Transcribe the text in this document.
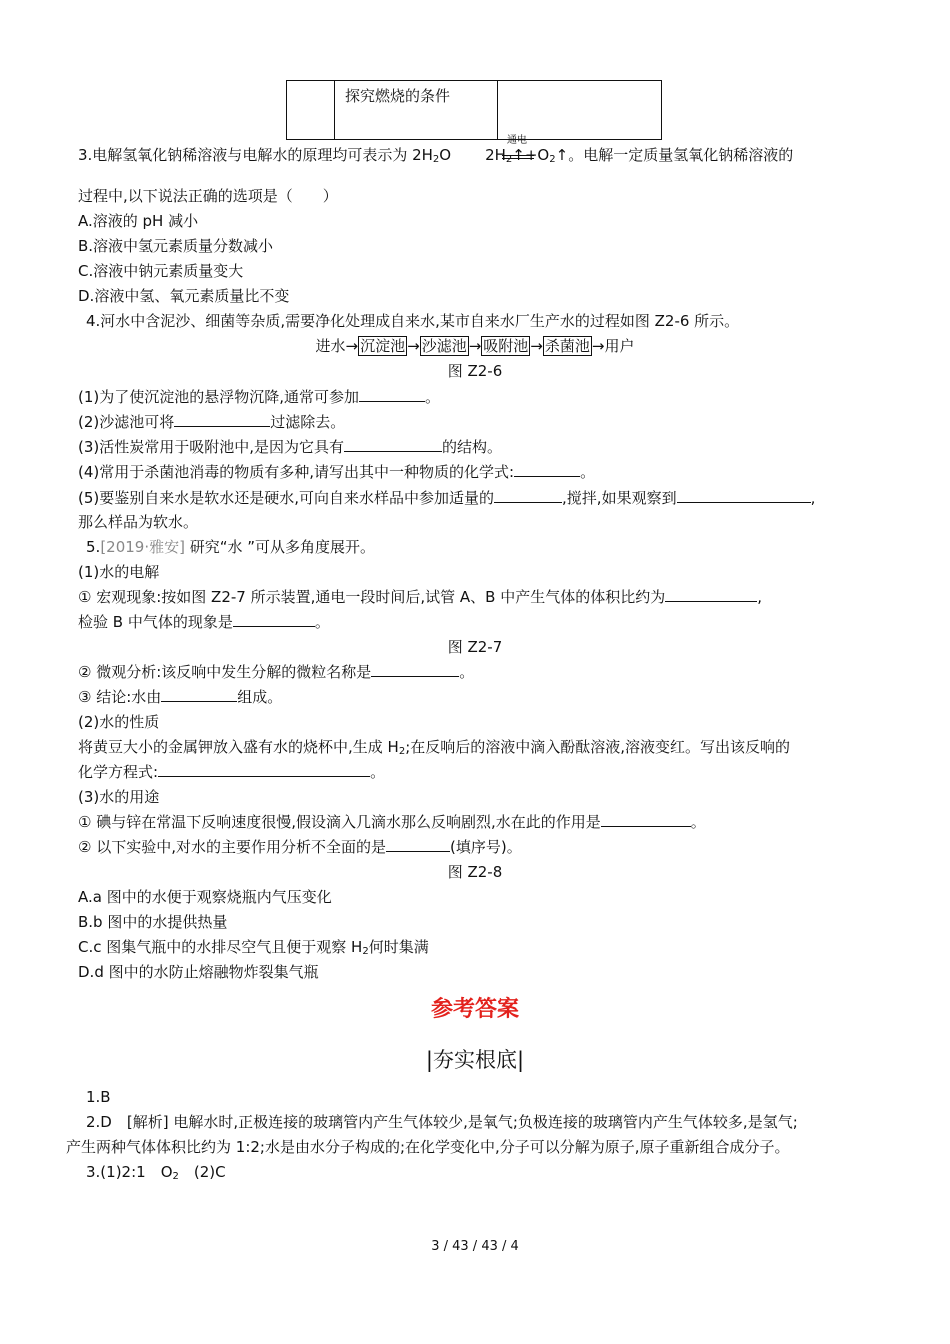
	探究燃烧的条件	
3.电解氢氧化钠稀溶液与电解水的原理均可表示为 $2H_2O$ $2H_2↑+O_2↑$。电解一定质量氢氧化钠稀溶液的
通电
过程中,以下说法正确的选项是（　　）
A.溶液的 pH 减小
B.溶液中氢元素质量分数减小
C.溶液中钠元素质量变大
D.溶液中氢、氧元素质量比不变
4.河水中含泥沙、细菌等杂质,需要净化处理成自来水,某市自来水厂生产水的过程如图 Z2-6 所示。
进水→ 沉淀池 → 沙滤池 → 吸附池 → 杀菌池 →用户
图 Z2-6
(1)为了使沉淀池的悬浮物沉降,通常可参加	。
(2)沙滤池可将	过滤除去。
(3)活性炭常用于吸附池中,是因为它具有	的结构。
(4)常用于杀菌池消毒的物质有多种,请写出其中一种物质的化学式:	。
(5)要鉴别自来水是软水还是硬水,可向自来水样品中参加适量的	,搅拌,如果观察到	,
那么样品为软水。
5.[2019·雅安] 研究“水 ”可从多角度展开。
(1)水的电解
① 宏观现象:按如图 Z2-7 所示装置,通电一段时间后,试管 A、B 中产生气体的体积比约为	,
检验 B 中气体的现象是	。
图 Z2-7
② 微观分析:该反响中发生分解的微粒名称是	。
③ 结论:水由	组成。
(2)水的性质
将黄豆大小的金属钾放入盛有水的烧杯中,生成 $H_2$;在反响后的溶液中滴入酚酞溶液,溶液变红。写出该反响的
化学方程式:	。
(3)水的用途
① 碘与锌在常温下反响速度很慢,假设滴入几滴水那么反响剧烈,水在此的作用是	。
② 以下实验中,对水的主要作用分析不全面的是	(填序号)。
图 Z2-8
A.a 图中的水便于观察烧瓶内气压变化
B.b 图中的水提供热量
C.c 图集气瓶中的水排尽空气且便于观察 $H_2$何时集满
D.d 图中的水防止熔融物炸裂集气瓶
参考答案
|夯实根底|
1.B
2.D　[解析] 电解水时,正极连接的玻璃管内产生气体较少,是氧气;负极连接的玻璃管内产生气体较多,是氢气;
产生两种气体体积比约为 1:2;水是由水分子构成的;在化学变化中,分子可以分解为原子,原子重新组合成分子。
3.(1)2:1　$O_2$　(2)C
3 / 43 / 43 / 4
